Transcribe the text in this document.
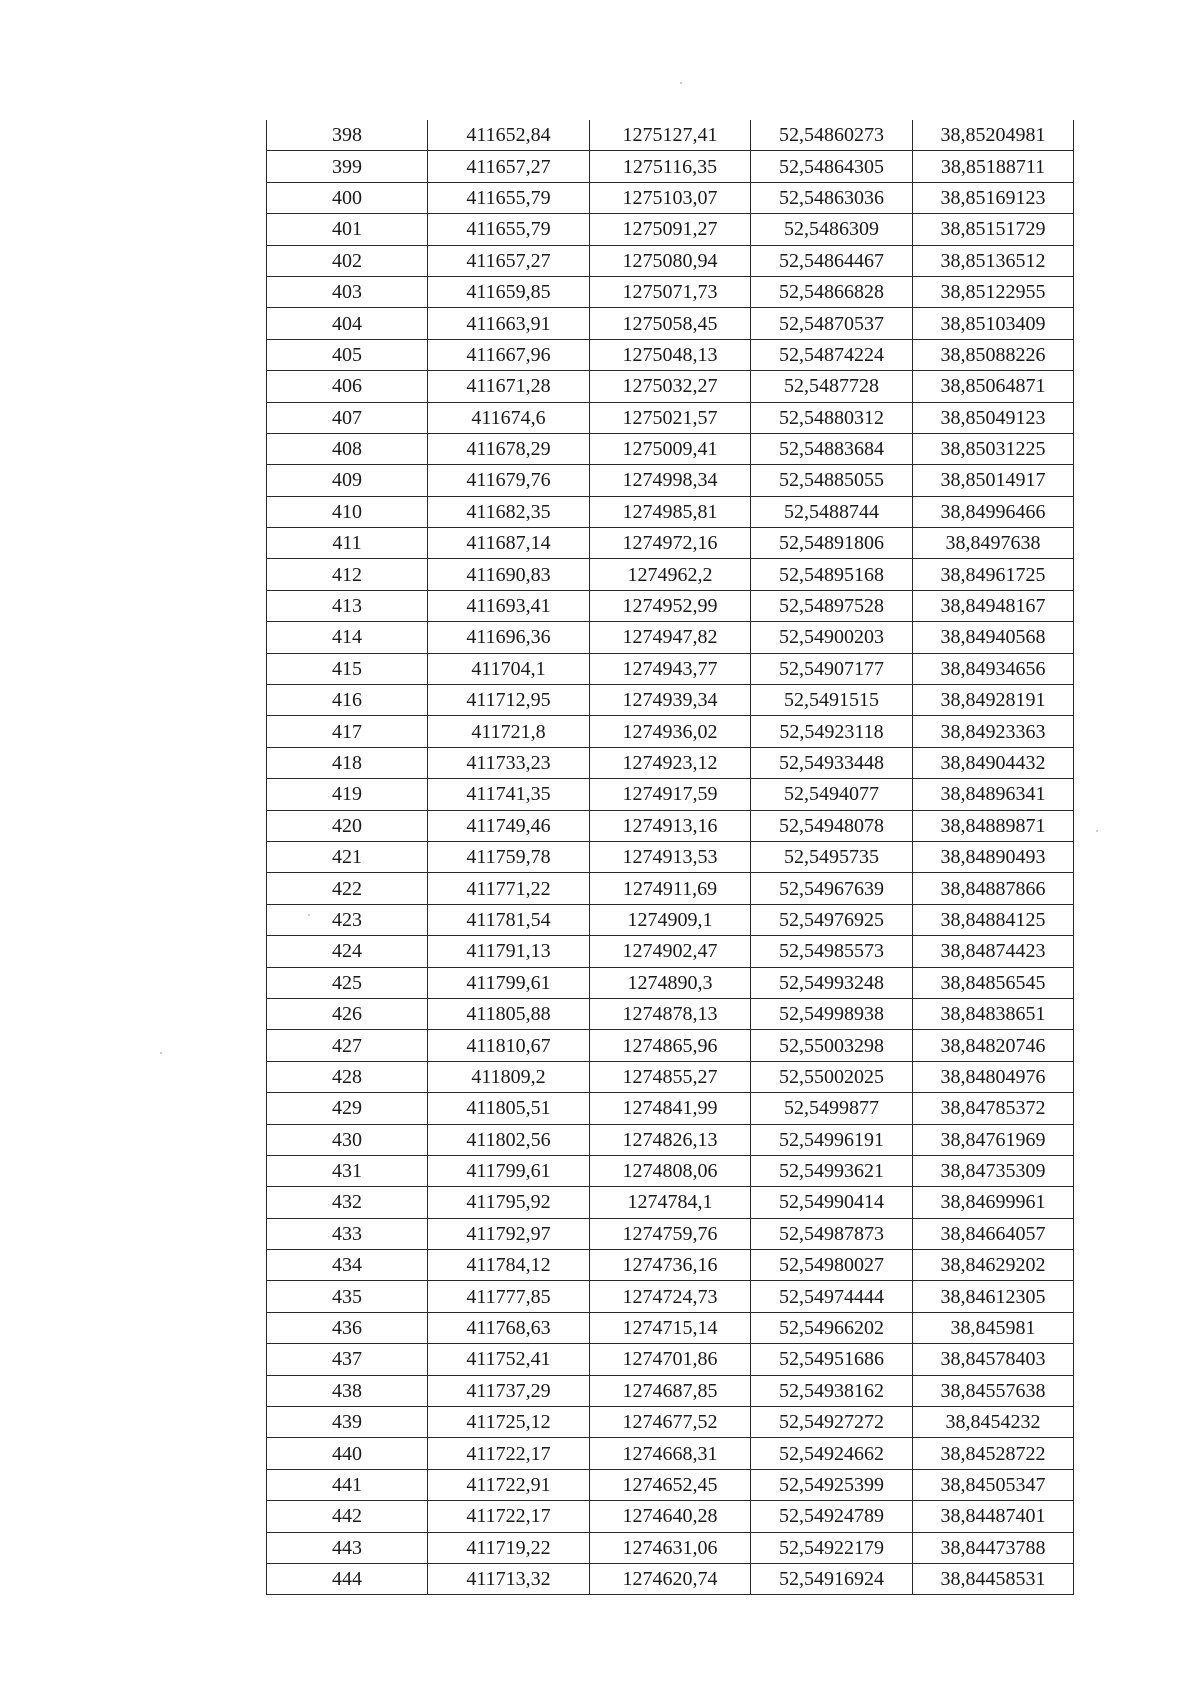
398	411652,84	1275127,41	52,54860273	38,85204981
399	411657,27	1275116,35	52,54864305	38,85188711
400	411655,79	1275103,07	52,54863036	38,85169123
401	411655,79	1275091,27	52,5486309	38,85151729
402	411657,27	1275080,94	52,54864467	38,85136512
403	411659,85	1275071,73	52,54866828	38,85122955
404	411663,91	1275058,45	52,54870537	38,85103409
405	411667,96	1275048,13	52,54874224	38,85088226
406	411671,28	1275032,27	52,5487728	38,85064871
407	411674,6	1275021,57	52,54880312	38,85049123
408	411678,29	1275009,41	52,54883684	38,85031225
409	411679,76	1274998,34	52,54885055	38,85014917
410	411682,35	1274985,81	52,5488744	38,84996466
411	411687,14	1274972,16	52,54891806	38,8497638
412	411690,83	1274962,2	52,54895168	38,84961725
413	411693,41	1274952,99	52,54897528	38,84948167
414	411696,36	1274947,82	52,54900203	38,84940568
415	411704,1	1274943,77	52,54907177	38,84934656
416	411712,95	1274939,34	52,5491515	38,84928191
417	411721,8	1274936,02	52,54923118	38,84923363
418	411733,23	1274923,12	52,54933448	38,84904432
419	411741,35	1274917,59	52,5494077	38,84896341
420	411749,46	1274913,16	52,54948078	38,84889871
421	411759,78	1274913,53	52,5495735	38,84890493
422	411771,22	1274911,69	52,54967639	38,84887866
423	411781,54	1274909,1	52,54976925	38,84884125
424	411791,13	1274902,47	52,54985573	38,84874423
425	411799,61	1274890,3	52,54993248	38,84856545
426	411805,88	1274878,13	52,54998938	38,84838651
427	411810,67	1274865,96	52,55003298	38,84820746
428	411809,2	1274855,27	52,55002025	38,84804976
429	411805,51	1274841,99	52,5499877	38,84785372
430	411802,56	1274826,13	52,54996191	38,84761969
431	411799,61	1274808,06	52,54993621	38,84735309
432	411795,92	1274784,1	52,54990414	38,84699961
433	411792,97	1274759,76	52,54987873	38,84664057
434	411784,12	1274736,16	52,54980027	38,84629202
435	411777,85	1274724,73	52,54974444	38,84612305
436	411768,63	1274715,14	52,54966202	38,845981
437	411752,41	1274701,86	52,54951686	38,84578403
438	411737,29	1274687,85	52,54938162	38,84557638
439	411725,12	1274677,52	52,54927272	38,8454232
440	411722,17	1274668,31	52,54924662	38,84528722
441	411722,91	1274652,45	52,54925399	38,84505347
442	411722,17	1274640,28	52,54924789	38,84487401
443	411719,22	1274631,06	52,54922179	38,84473788
444	411713,32	1274620,74	52,54916924	38,84458531
